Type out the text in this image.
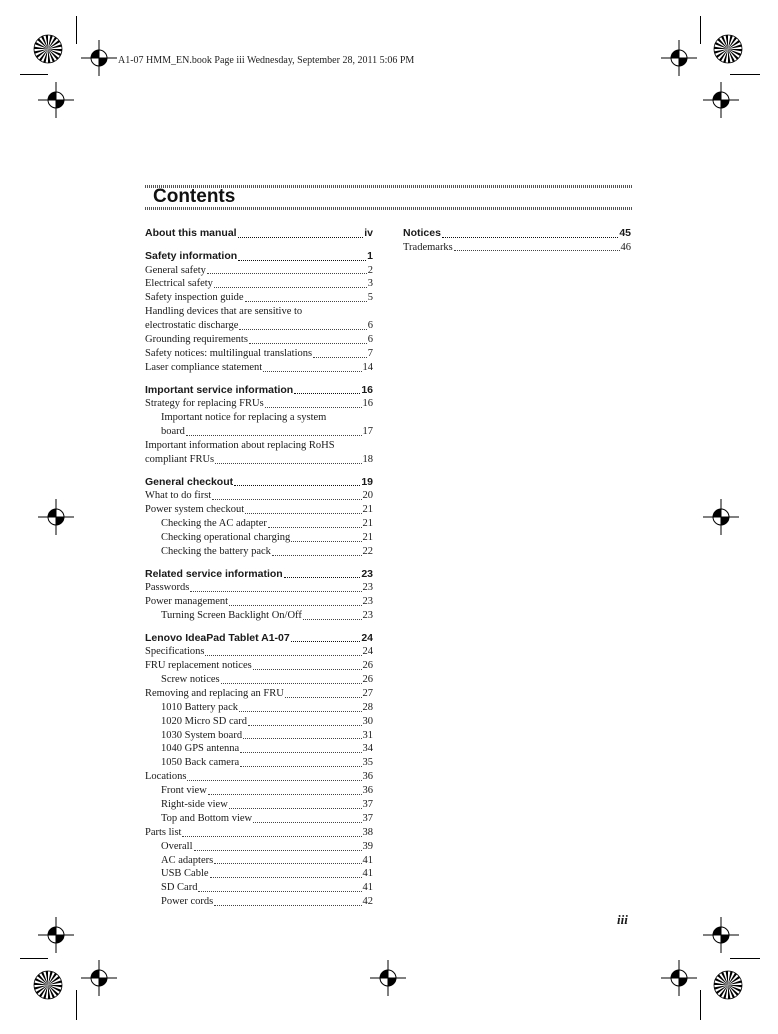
A1-07 HMM_EN.book Page iii Wednesday, September 28, 2011 5:06 PM
Contents
About this manual	iv
Safety information	1
General safety	2
Electrical safety	3
Safety inspection guide	5
Handling devices that are sensitive to
electrostatic discharge	6
Grounding requirements	6
Safety notices: multilingual translations	7
Laser compliance statement	14
Important service information	16
Strategy for replacing FRUs	16
Important notice for replacing a system
board	17
Important information about replacing RoHS
compliant FRUs	18
General checkout	19
What to do first	20
Power system checkout	21
Checking the AC adapter	21
Checking operational charging	21
Checking the battery pack	22
Related service information	23
Passwords	23
Power management	23
Turning Screen Backlight On/Off	23
Lenovo IdeaPad Tablet A1-07	24
Specifications	24
FRU replacement notices	26
Screw notices	26
Removing and replacing an FRU	27
1010 Battery pack	28
1020 Micro SD card	30
1030 System board	31
1040 GPS antenna	34
1050 Back camera	35
Locations	36
Front view	36
Right-side view	37
Top and Bottom view	37
Parts list	38
Overall	39
AC adapters	41
USB Cable	41
SD Card	41
Power cords	42
Notices	45
Trademarks	46
iii
